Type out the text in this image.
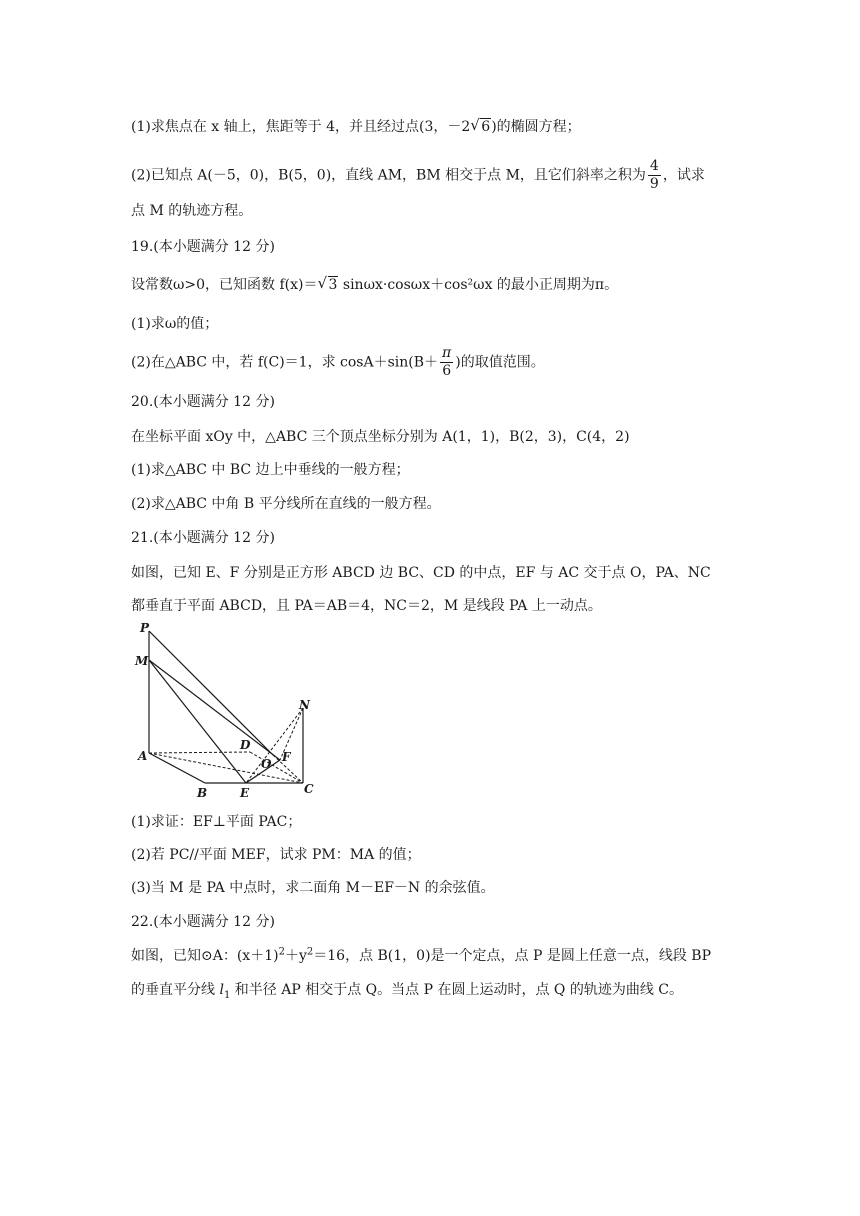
(1)求焦点在 x 轴上，焦距等于 4，并且经过点(3，－2 √ 6)的椭圆方程；
(2)已知点 A(－5，0)，B(5，0)，直线 AM，BM 相交于点 M，且它们斜率之积为 $\frac{4}{9}$ ，试求
点 M 的轨迹方程。
19.(本小题满分 12 分)
设常数ω>0，已知函数 f(x)＝ √ 3 sinωx·cosωx＋cos²ωx 的最小正周期为π。
(1)求ω的值；
(2)在△ABC 中，若 f(C)＝1，求 $\cos A+\sin(B+ \frac{\pi}{6}$ )的取值范围。
20.(本小题满分 12 分)
在坐标平面 xOy 中，△ABC 三个顶点坐标分别为 A(1，1)，B(2，3)，C(4，2)
(1)求△ABC 中 BC 边上中垂线的一般方程；
(2)求△ABC 中角 B 平分线所在直线的一般方程。
21.(本小题满分 12 分)
如图，已知 E、F 分别是正方形 ABCD 边 BC、CD 的中点，EF 与 AC 交于点 O，PA、NC
都垂直于平面 ABCD，且 PA＝AB＝4，NC＝2，M 是线段 PA 上一动点。
P
M
N
D
A
O F
B	E	C
(1)求证：EF⊥平面 PAC；
(2)若 PC//平面 MEF，试求 PM：MA 的值；
(3)当 M 是 PA 中点时，求二面角 M－EF－N 的余弦值。
22.(本小题满分 12 分)
如图，已知⊙A：$(x+1)^2+y^2=16$，点 B(1，0)是一个定点，点 P 是圆上任意一点，线段 BP
的垂直平分线 $l_1$ 和半径 AP 相交于点 Q。当点 P 在圆上运动时，点 Q 的轨迹为曲线 C。
